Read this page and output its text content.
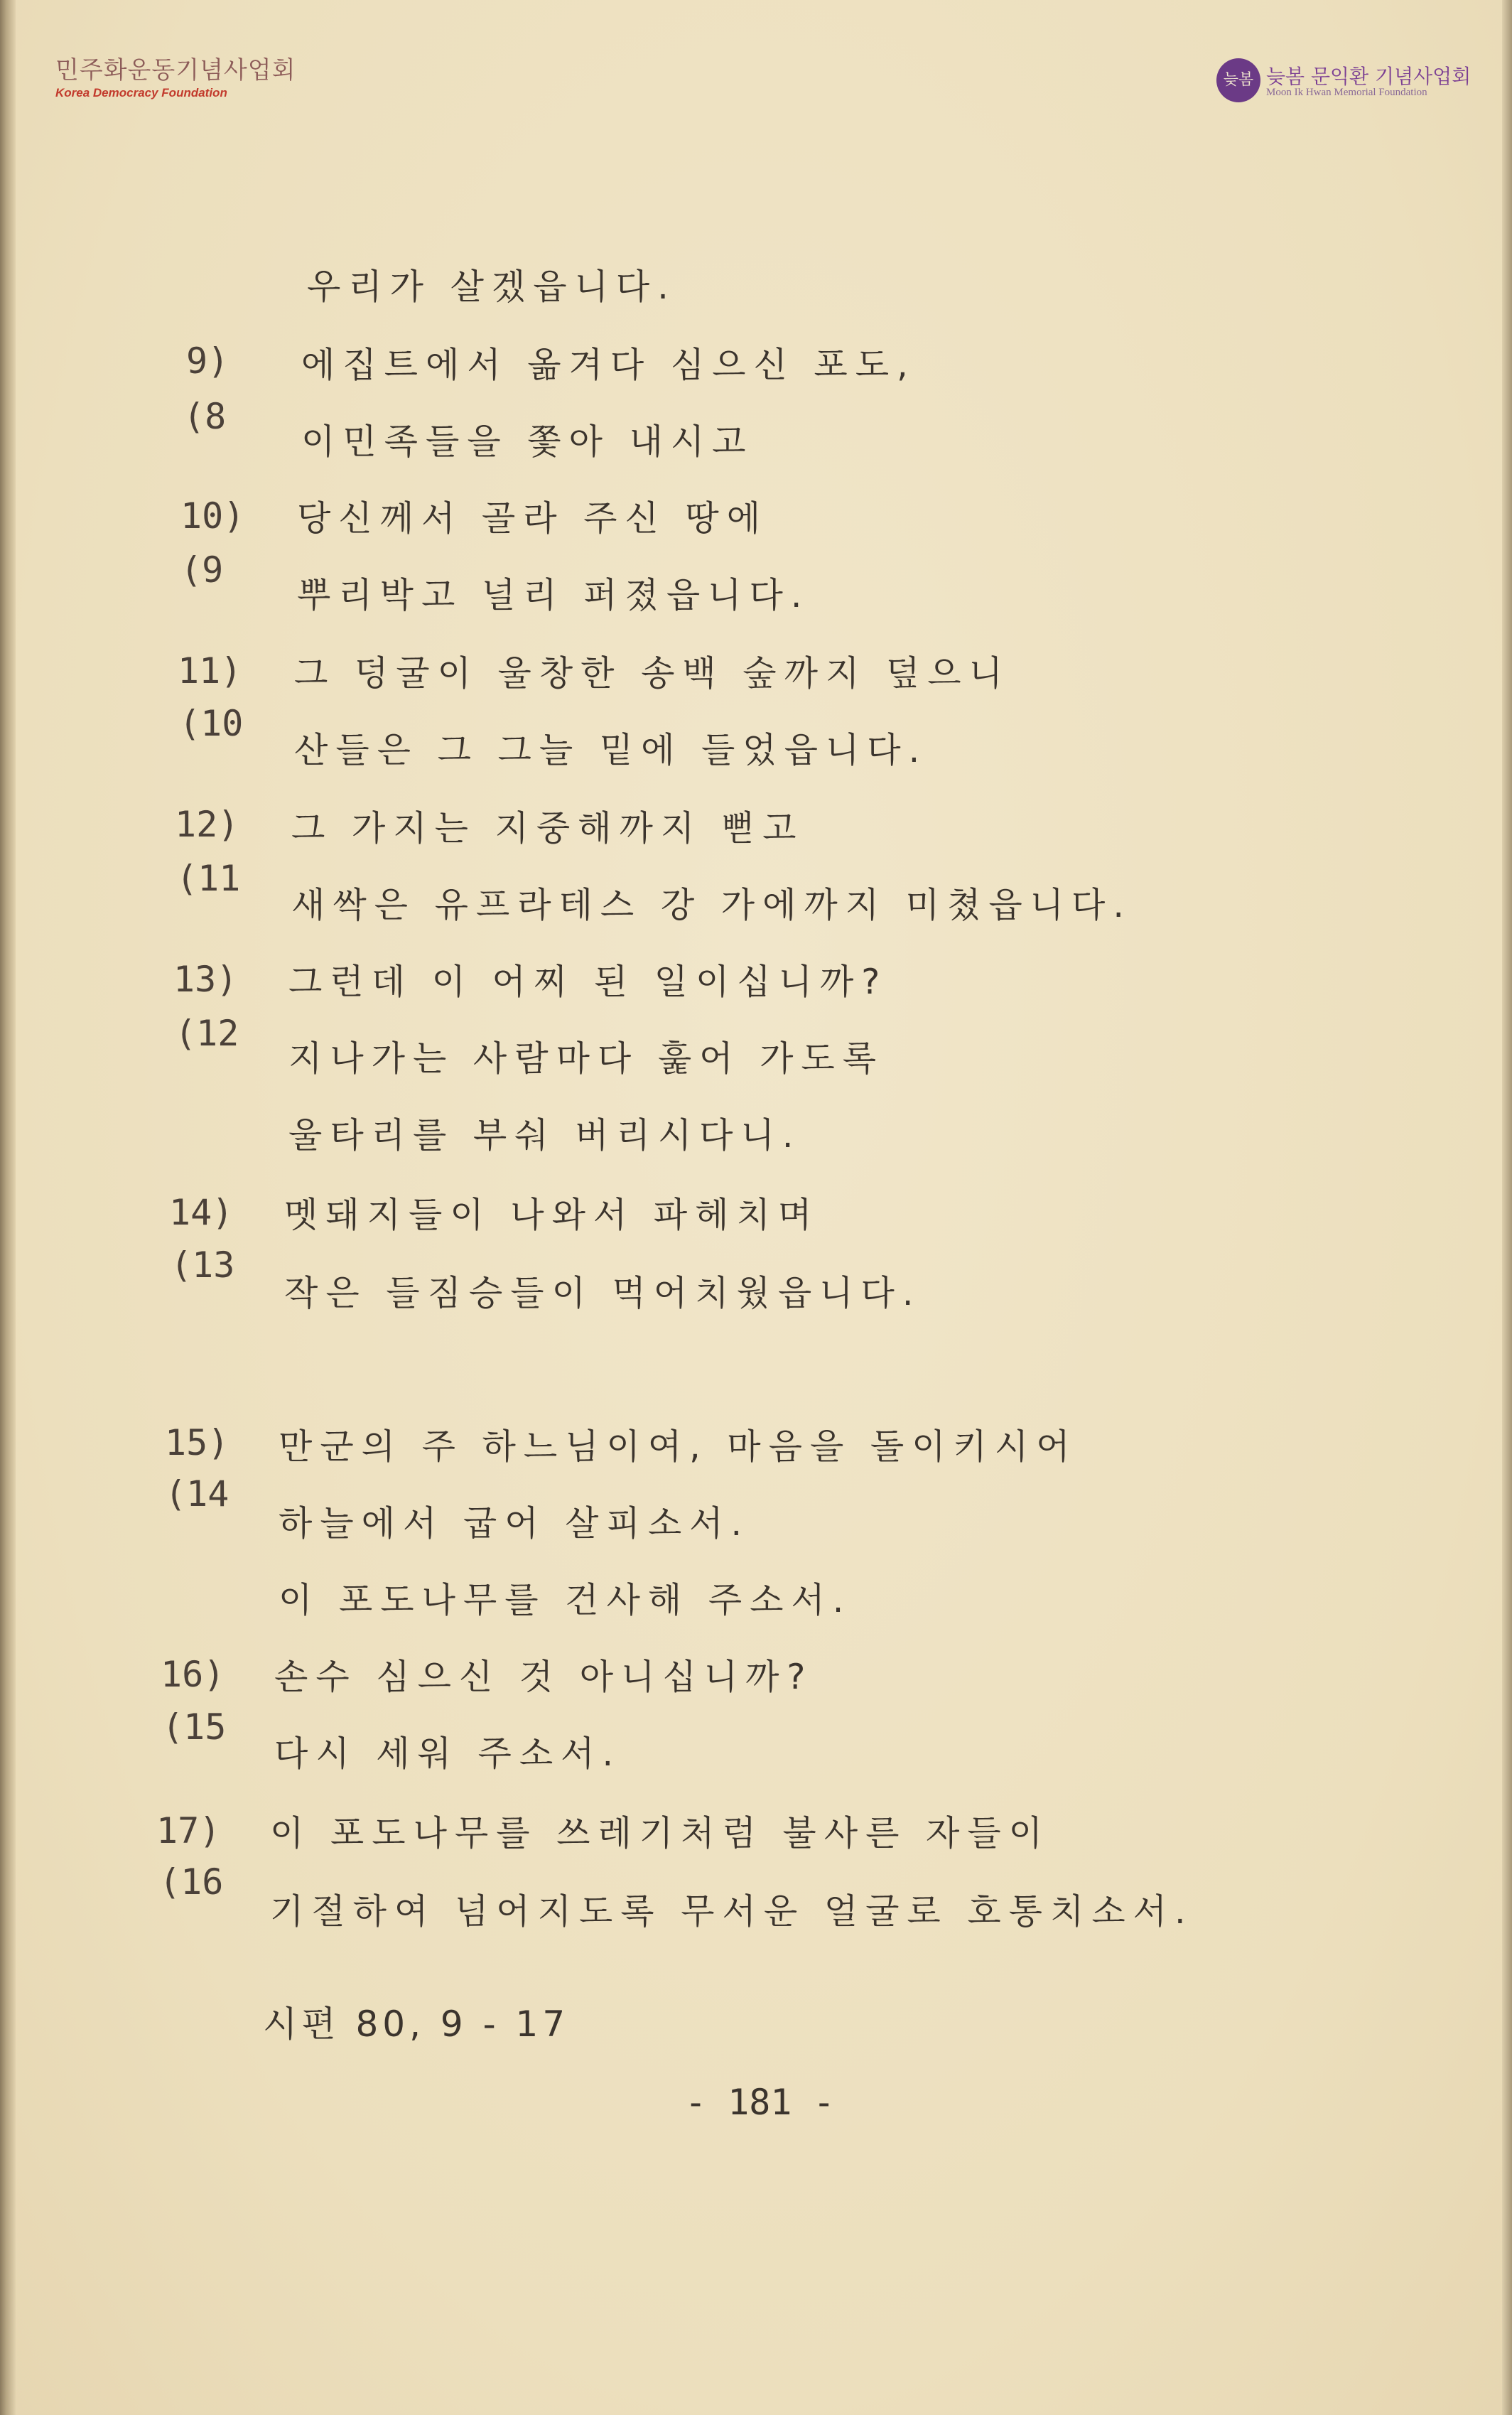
민주화운동기념사업회
Korea Democracy Foundation
늦봄 늦봄 문익환 기념사업회
Moon Ik Hwan Memorial Foundation
우리가 살겠읍니다.
9)
(8
에집트에서 옮겨다 심으신 포도,
이민족들을 쫓아 내시고
10)
(9
당신께서 골라 주신 땅에
뿌리박고 널리 퍼졌읍니다.
11)
(10
그 덩굴이 울창한 송백 숲까지 덮으니
산들은 그 그늘 밑에 들었읍니다.
12)
(11
그 가지는 지중해까지 뻗고
새싹은 유프라테스 강 가에까지 미쳤읍니다.
13)
(12
그런데 이 어찌 된 일이십니까?
지나가는 사람마다 훑어 가도록
울타리를 부숴 버리시다니.
14)
(13
멧돼지들이 나와서 파헤치며
작은 들짐승들이 먹어치웠읍니다.
15)
(14
만군의 주 하느님이여, 마음을 돌이키시어
하늘에서 굽어 살피소서.
이 포도나무를 건사해 주소서.
16)
(15
손수 심으신 것 아니십니까?
다시 세워 주소서.
17)
(16
이 포도나무를 쓰레기처럼 불사른 자들이
기절하여 넘어지도록 무서운 얼굴로 호통치소서.
시편 80, 9 - 17
- 181 -
